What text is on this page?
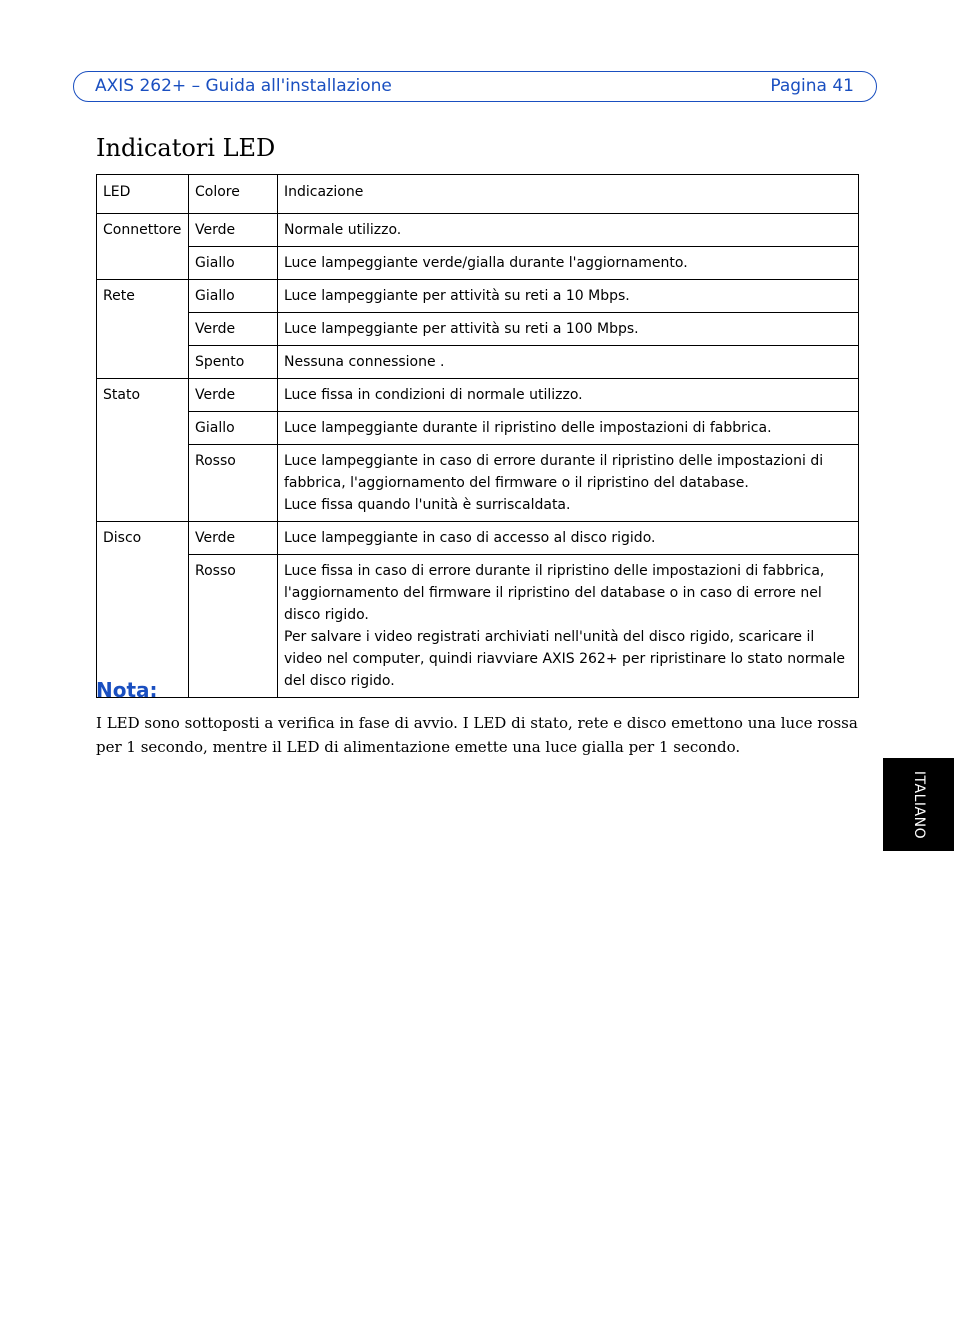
AXIS 262+ – Guida all'installazione	Pagina 41
Indicatori LED
LED	Colore	Indicazione
Connettore	Verde	Normale utilizzo.

	Giallo	Luce lampeggiante verde/gialla durante l'aggiornamento.

Rete	Giallo	Luce lampeggiante per attività su reti a 10 Mbps.

	Verde	Luce lampeggiante per attività su reti a 100 Mbps.

	Spento	Nessuna connessione .

Stato	Verde	Luce fissa in condizioni di normale utilizzo.

	Giallo	Luce lampeggiante durante il ripristino delle impostazioni di fabbrica.

	Rosso	Luce lampeggiante in caso di errore durante il ripristino delle impostazioni di fabbrica, l'aggiornamento del firmware o il ripristino del database.
Luce fissa quando l'unità è surriscaldata.

Disco	Verde	Luce lampeggiante in caso di accesso al disco rigido.

	Rosso	Luce fissa in caso di errore durante il ripristino delle impostazioni di fabbrica, l'aggiornamento del firmware il ripristino del database o in caso di errore nel disco rigido.
Per salvare i video registrati archiviati nell'unità del disco rigido, scaricare il video nel computer, quindi riavviare AXIS 262+ per ripristinare lo stato normale del disco rigido.
Nota:

I LED sono sottoposti a verifica in fase di avvio. I LED di stato, rete e disco emettono una luce rossa per 1 secondo, mentre il LED di alimentazione emette una luce gialla per 1 secondo.

ITALIANO
